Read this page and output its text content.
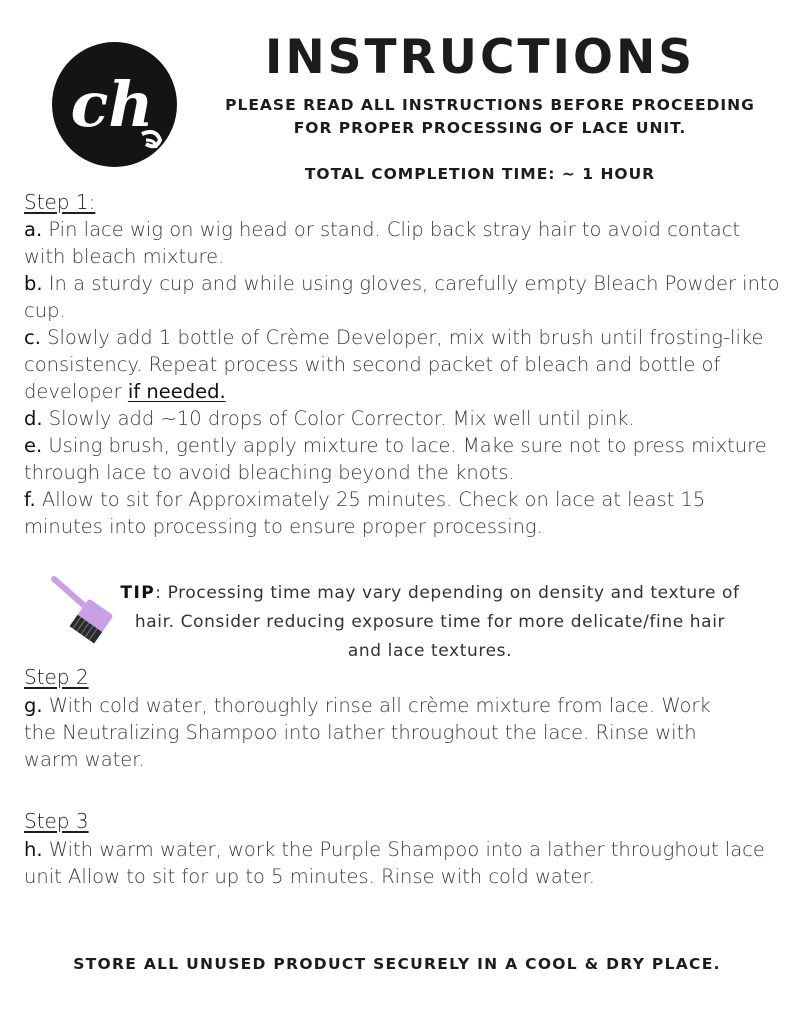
ch
INSTRUCTIONS
PLEASE READ ALL INSTRUCTIONS BEFORE PROCEEDING
FOR PROPER PROCESSING OF LACE UNIT.
TOTAL COMPLETION TIME: ~ 1 HOUR
Step 1:

a. Pin lace wig on wig head or stand. Clip back stray hair to avoid contact with bleach mixture.

b. In a sturdy cup and while using gloves, carefully empty Bleach Powder into cup.

c. Slowly add 1 bottle of Crème Developer, mix with brush until frosting-like consistency. Repeat process with second packet of bleach and bottle of developer if needed.

d. Slowly add ~10 drops of Color Corrector. Mix well until pink.

e. Using brush, gently apply mixture to lace. Make sure not to press mixture through lace to avoid bleaching beyond the knots.

f. Allow to sit for Approximately 25 minutes. Check on lace at least 15 minutes into processing to ensure proper processing.

TIP: Processing time may vary depending on density and texture of hair. Consider reducing exposure time for more delicate/fine hair and lace textures.
Step 2

g. With cold water, thoroughly rinse all crème mixture from lace. Work the Neutralizing Shampoo into lather throughout the lace. Rinse with warm water.

Step 3

h. With warm water, work the Purple Shampoo into a lather throughout lace unit Allow to sit for up to 5 minutes. Rinse with cold water.

STORE ALL UNUSED PRODUCT SECURELY IN A COOL & DRY PLACE.
